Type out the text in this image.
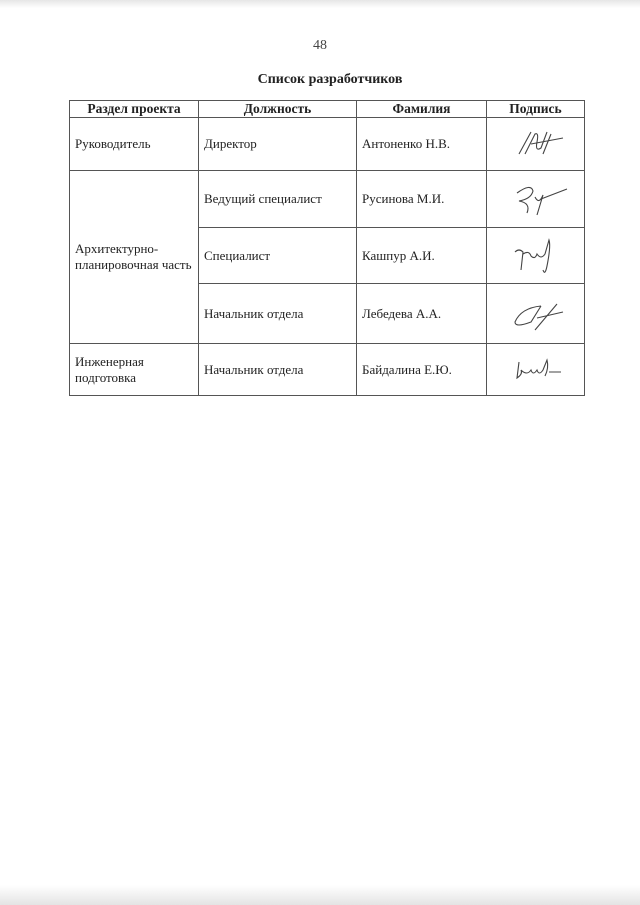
48
Список разработчиков
Раздел проекта	Должность	Фамилия	Подпись
Руководитель	Директор	Антоненко Н.В.	

Архитектурно-планировочная часть	Ведущий специалист	Русинова М.И.	

	Специалист	Кашпур А.И.	

	Начальник отдела	Лебедева А.А.	

Инженерная подготовка	Начальник отдела	Байдалина Е.Ю.	
